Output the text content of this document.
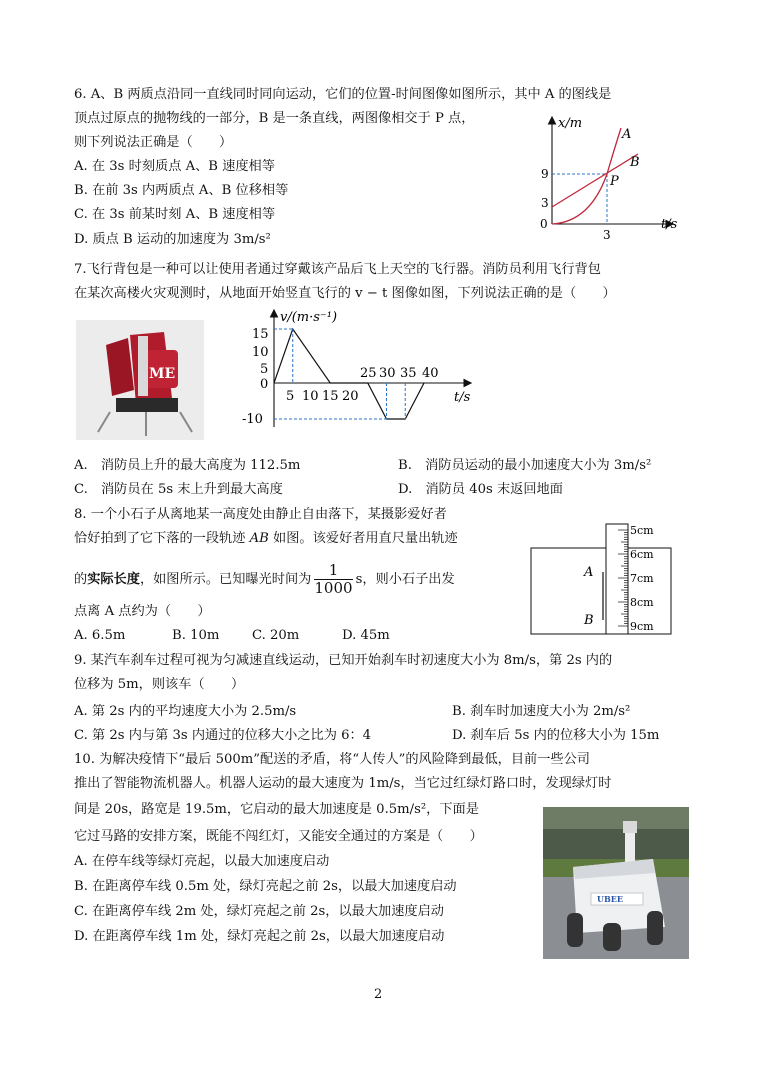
6. A、B 两质点沿同一直线同时同向运动，它们的位置-时间图像如图所示，其中 A 的图线是
顶点过原点的抛物线的一部分，B 是一条直线，两图像相交于 P 点，
则下列说法正确是（　　）
A. 在 3s 时刻质点 A、B 速度相等
B. 在前 3s 内两质点 A、B 位移相等
C. 在 3s 前某时刻 A、B 速度相等
D. 质点 B 运动的加速度为 3m/s²
x/m
t/s
0
9
3
3
A
B
P
7.飞行背包是一种可以让使用者通过穿戴该产品后飞上天空的飞行器。消防员利用飞行背包
在某次高楼火灾观测时，从地面开始竖直飞行的 v − t 图像如图，下列说法正确的是（　　）
ME
v/(m·s⁻¹)
t/s
15
10
5
0
-10
5 10 15 20
25 30 35 40
A.　消防员上升的最大高度为 112.5m	B.　消防员运动的最小加速度大小为 3m/s²
C.　消防员在 5s 末上升到最大高度	D.　消防员 40s 末返回地面
8. 一个小石子从离地某一高度处由静止自由落下，某摄影爱好者
恰好拍到了它下落的一段轨迹 AB 如图。该爱好者用直尺量出轨迹
的实际长度，如图所示。已知曝光时间为 $\frac{1}{1000}$ s，则小石子出发
点离 A 点约为（　　）
A. 6.5m	B. 10m C. 20m	D. 45m
5cm
6cm
7cm
8cm
9cm
A
B
9. 某汽车刹车过程可视为匀减速直线运动，已知开始刹车时初速度大小为 8m/s，第 2s 内的
位移为 5m，则该车（　　）
A. 第 2s 内的平均速度大小为 2.5m/s	B. 刹车时加速度大小为 2m/s²
C. 第 2s 内与第 3s 内通过的位移大小之比为 6：4	D. 刹车后 5s 内的位移大小为 15m
10. 为解决疫情下“最后 500m”配送的矛盾，将“人传人”的风险降到最低，目前一些公司
推出了智能物流机器人。机器人运动的最大速度为 1m/s，当它过红绿灯路口时，发现绿灯时
间是 20s，路宽是 19.5m，它启动的最大加速度是 0.5m/s²，下面是
它过马路的安排方案，既能不闯红灯，又能安全通过的方案是（　　）
A. 在停车线等绿灯亮起，以最大加速度启动
B. 在距离停车线 0.5m 处，绿灯亮起之前 2s，以最大加速度启动
C. 在距离停车线 2m 处，绿灯亮起之前 2s，以最大加速度启动
D. 在距离停车线 1m 处，绿灯亮起之前 2s，以最大加速度启动
UBEE
2
